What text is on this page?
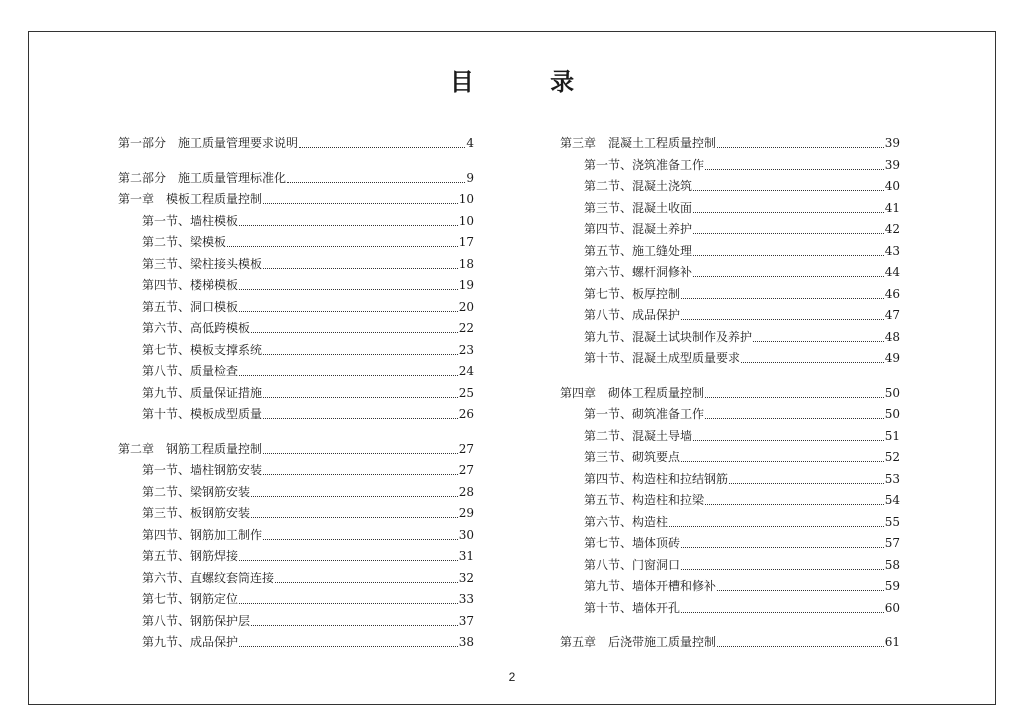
目 录
第一部分　施工质量管理要求说明	4
第二部分　施工质量管理标准化	9
第一章　模板工程质量控制	10
第一节、墙柱模板	10
第二节、梁模板	17
第三节、梁柱接头模板	18
第四节、楼梯模板	19
第五节、洞口模板	20
第六节、高低跨模板	22
第七节、模板支撑系统	23
第八节、质量检查	24
第九节、质量保证措施	25
第十节、模板成型质量	26
第二章　钢筋工程质量控制	27
第一节、墙柱钢筋安装	27
第二节、梁钢筋安装	28
第三节、板钢筋安装	29
第四节、钢筋加工制作	30
第五节、钢筋焊接	31
第六节、直螺纹套筒连接	32
第七节、钢筋定位	33
第八节、钢筋保护层	37
第九节、成品保护	38
第三章　混凝土工程质量控制	39
第一节、浇筑准备工作	39
第二节、混凝土浇筑	40
第三节、混凝土收面	41
第四节、混凝土养护	42
第五节、施工缝处理	43
第六节、螺杆洞修补	44
第七节、板厚控制	46
第八节、成品保护	47
第九节、混凝土试块制作及养护	48
第十节、混凝土成型质量要求	49
第四章　砌体工程质量控制	50
第一节、砌筑准备工作	50
第二节、混凝土导墙	51
第三节、砌筑要点	52
第四节、构造柱和拉结钢筋	53
第五节、构造柱和拉梁	54
第六节、构造柱	55
第七节、墙体顶砖	57
第八节、门窗洞口	58
第九节、墙体开槽和修补	59
第十节、墙体开孔	60
第五章　后浇带施工质量控制	61
2
